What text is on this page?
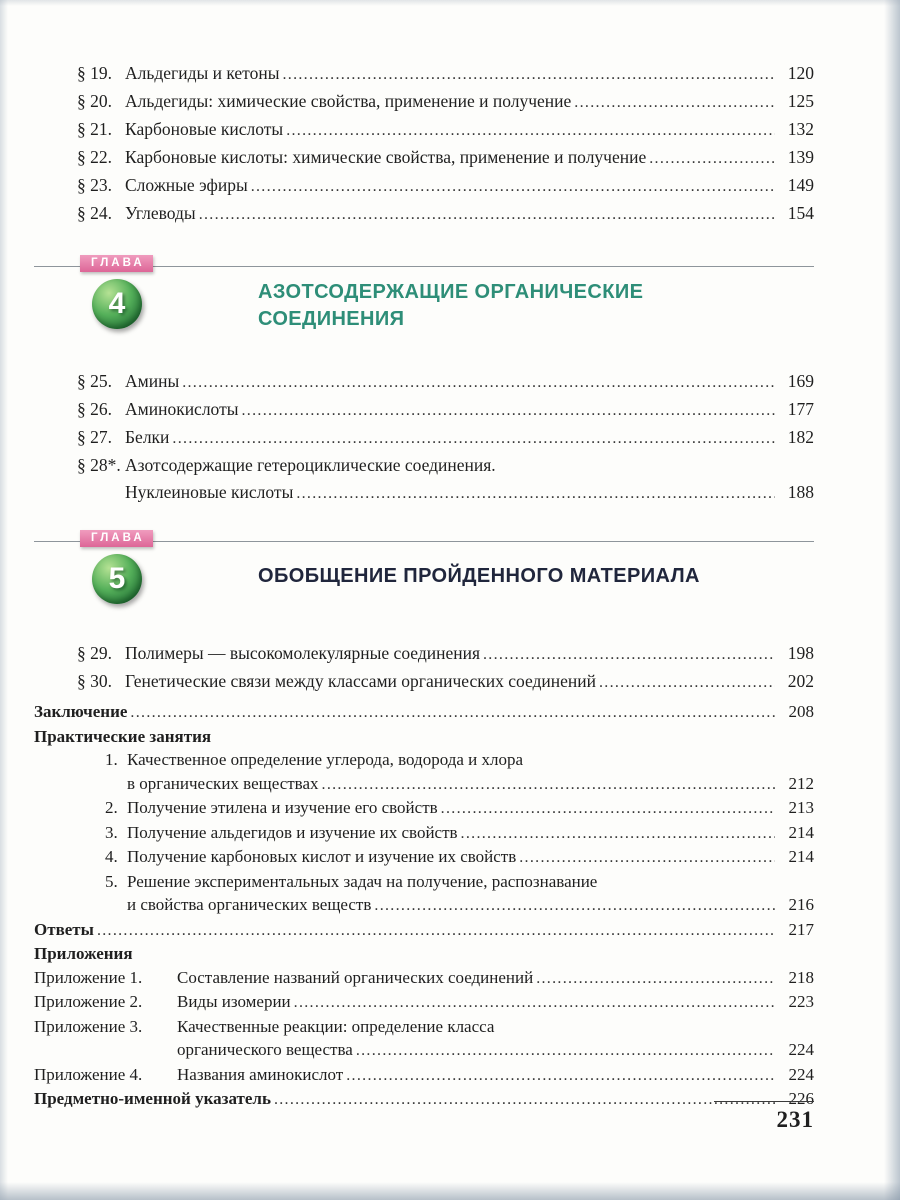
§ 19. Альдегиды и кетоны .....	120
§ 20. Альдегиды: химические свойства, применение и получение .....	125
§ 21. Карбоновые кислоты .....	132
§ 22. Карбоновые кислоты: химические свойства, применение и получение .....	139
§ 23. Сложные эфиры .....	149
§ 24. Углеводы .....	154
ГЛАВА
4	АЗОТСОДЕРЖАЩИЕ ОРГАНИЧЕСКИЕ
СОЕДИНЕНИЯ
§ 25. Амины .....	169
§ 26. Аминокислоты .....	177
§ 27. Белки .....	182
§ 28*. Азотсодержащие гетероциклические соединения.
Нуклеиновые кислоты .....	188
ГЛАВА
5	ОБОБЩЕНИЕ ПРОЙДЕННОГО МАТЕРИАЛА
§ 29. Полимеры — высокомолекулярные соединения .....	198
§ 30. Генетические связи между классами органических соединений .....	202
Заключение .....	208
Практические занятия
1. Качественное определение углерода, водорода и хлора
в органических веществах .....	212
2. Получение этилена и изучение его свойств .....	213
3. Получение альдегидов и изучение их свойств .....	214
4. Получение карбоновых кислот и изучение их свойств .....	214
5. Решение экспериментальных задач на получение, распознавание
и свойства органических веществ .....	216
Ответы .....	217
Приложения
Приложение 1.	Составление названий органических соединений .....	218
Приложение 2.	Виды изомерии .....	223
Приложение 3.	Качественные реакции: определение класса
органического вещества .....	224
Приложение 4.	Названия аминокислот .....	224
Предметно-именной указатель .....	226
231
